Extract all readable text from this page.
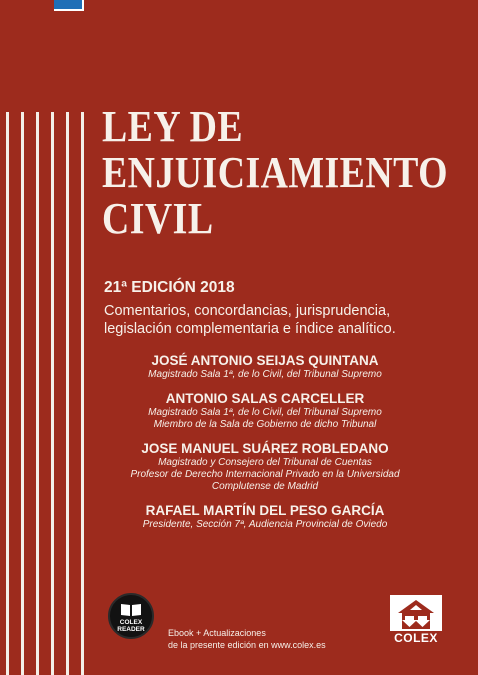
LEY DE
ENJUICIAMIENTO
CIVIL
21ª EDICIÓN 2018
Comentarios, concordancias, jurisprudencia,
legislación complementaria e índice analítico.
JOSÉ ANTONIO SEIJAS QUINTANA
Magistrado Sala 1ª, de lo Civil, del Tribunal Supremo
ANTONIO SALAS CARCELLER
Magistrado Sala 1ª, de lo Civil, del Tribunal Supremo
Miembro de la Sala de Gobierno de dicho Tribunal
JOSE MANUEL SUÁREZ ROBLEDANO
Magistrado y Consejero del Tribunal de Cuentas
Profesor de Derecho Internacional Privado en la Universidad
Complutense de Madrid
RAFAEL MARTÍN DEL PESO GARCÍA
Presidente, Sección 7ª, Audiencia Provincial de Oviedo
COLEX
READER	Ebook + Actualizaciones
de la presente edición en www.colex.es	COLEX
